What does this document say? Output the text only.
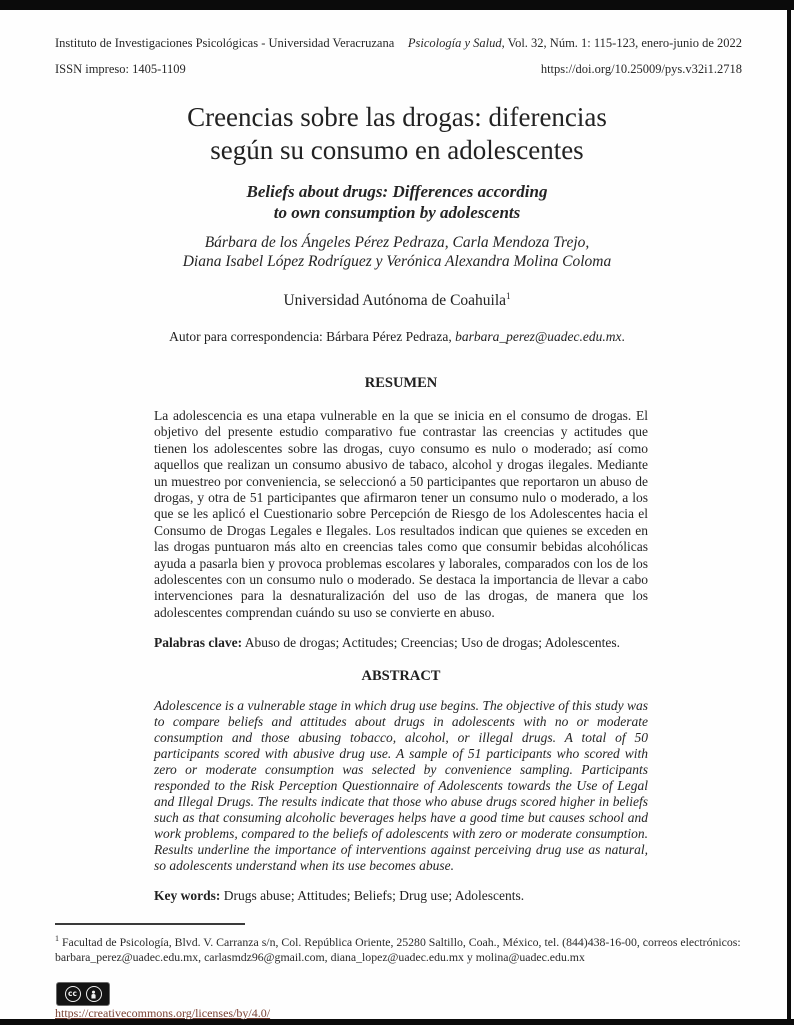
Instituto de Investigaciones Psicológicas - Universidad Veracruzana Psicología y Salud, Vol. 32, Núm. 1: 115-123, enero-junio de 2022
ISSN impreso: 1405-1109	https://doi.org/10.25009/pys.v32i1.2718
Creencias sobre las drogas: diferencias
según su consumo en adolescentes
Beliefs about drugs: Differences according
to own consumption by adolescents
Bárbara de los Ángeles Pérez Pedraza, Carla Mendoza Trejo,
Diana Isabel López Rodríguez y Verónica Alexandra Molina Coloma
Universidad Autónoma de Coahuila$^1$
Autor para correspondencia: Bárbara Pérez Pedraza, barbara_perez@uadec.edu.mx.
RESUMEN

La adolescencia es una etapa vulnerable en la que se inicia en el consumo de drogas. El objetivo del presente estudio comparativo fue contrastar las creencias y actitudes que tienen los adolescentes sobre las drogas, cuyo consumo es nulo o moderado; así como aquellos que realizan un consumo abusivo de tabaco, alcohol y drogas ilegales. Mediante un muestreo por conveniencia, se seleccionó a 50 participantes que reportaron un abuso de drogas, y otra de 51 participantes que afirmaron tener un consumo nulo o moderado, a los que se les aplicó el Cuestionario sobre Percepción de Riesgo de los Adolescentes hacia el Consumo de Drogas Legales e Ilegales. Los resultados indican que quienes se exceden en las drogas puntuaron más alto en creencias tales como que consumir bebidas alcohólicas ayuda a pasarla bien y provoca problemas escolares y laborales, comparados con los de los adolescentes con un consumo nulo o moderado. Se destaca la importancia de llevar a cabo intervenciones para la desnaturalización del uso de las drogas, de manera que los adolescentes comprendan cuándo su uso se convierte en abuso.

Palabras clave: Abuso de drogas; Actitudes; Creencias; Uso de drogas; Adolescentes.

ABSTRACT

Adolescence is a vulnerable stage in which drug use begins. The objective of this study was to compare beliefs and attitudes about drugs in adolescents with no or moderate consumption and those abusing tobacco, alcohol, or illegal drugs. A total of 50 participants scored with abusive drug use. A sample of 51 participants who scored with zero or moderate consumption was selected by convenience sampling. Participants responded to the Risk Perception Questionnaire of Adolescents towards the Use of Legal and Illegal Drugs. The results indicate that those who abuse drugs scored higher in beliefs such as that consuming alcoholic beverages helps have a good time but causes school and work problems, compared to the beliefs of adolescents with zero or moderate consumption. Results underline the importance of interventions against perceiving drug use as natural, so adolescents understand when its use becomes abuse.

Key words: Drugs abuse; Attitudes; Beliefs; Drug use; Adolescents.

$^1$ Facultad de Psicología, Blvd. V. Carranza s/n, Col. República Oriente, 25280 Saltillo, Coah., México, tel. (844)438-16-00, correos electrónicos: barbara_perez@uadec.edu.mx, carlasmdz96@gmail.com, diana_lopez@uadec.edu.mx y molina@uadec.edu.mx
cc
https://creativecommons.org/licenses/by/4.0/
